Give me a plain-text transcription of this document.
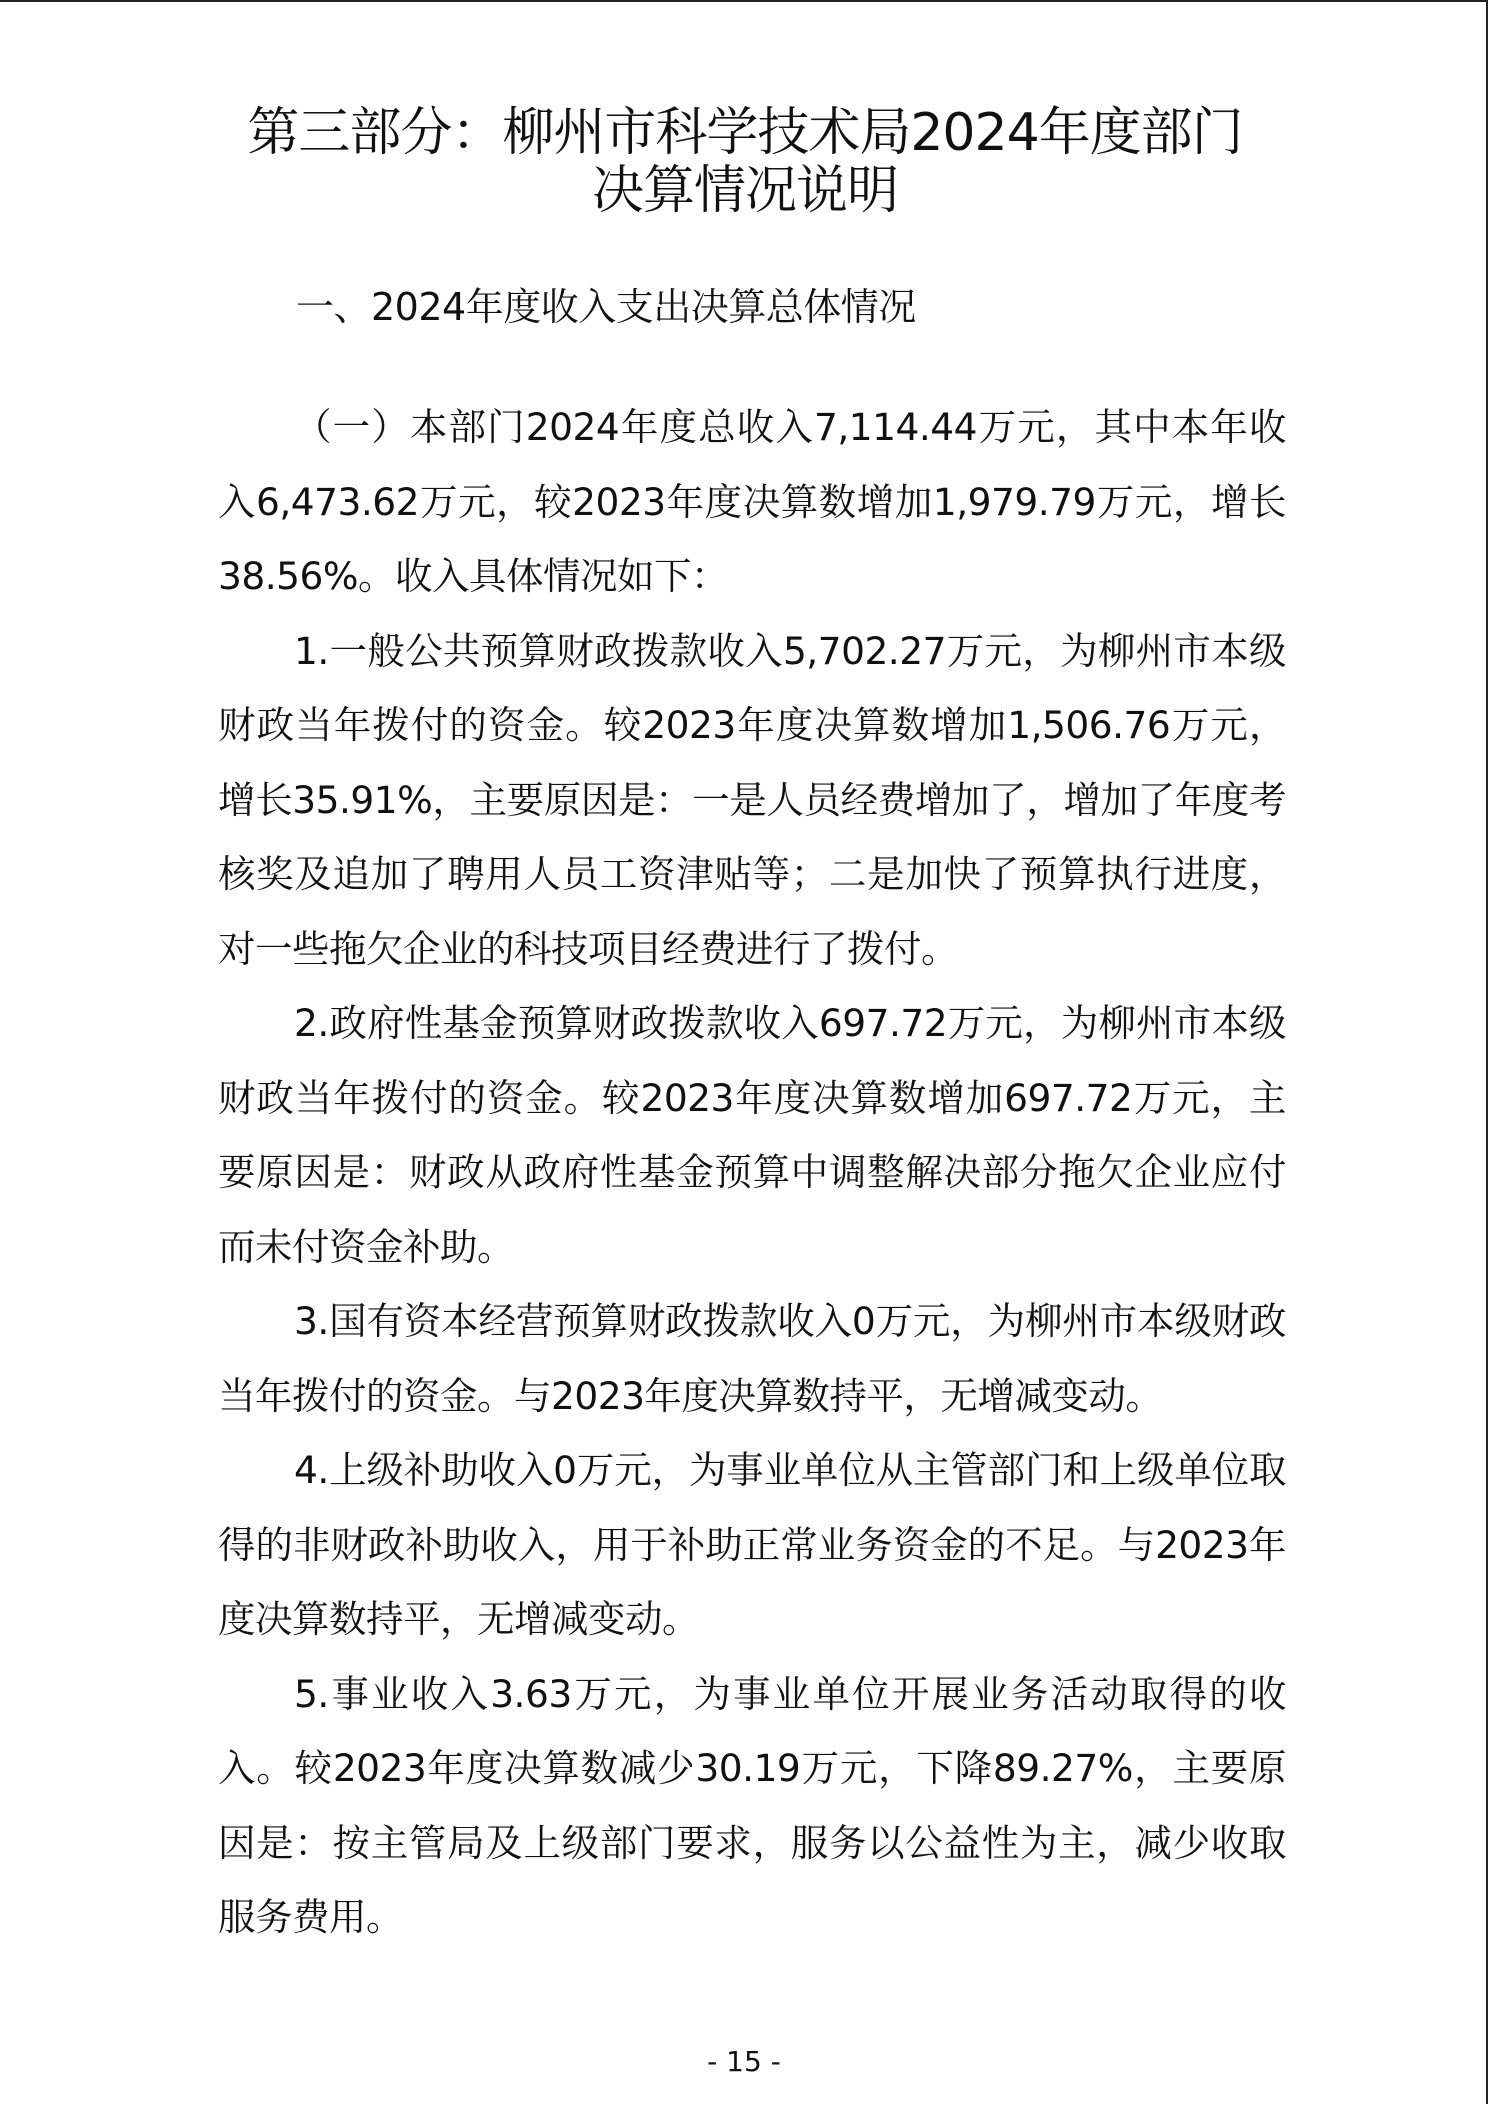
第三部分：柳州市科学技术局2024年度部门
决算情况说明
一、2024年度收入支出决算总体情况

（一）本部门2024年度总收入7,114.44万元，其中本年收入6,473.62万元，较2023年度决算数增加1,979.79万元，增长38.56%。收入具体情况如下：

1.一般公共预算财政拨款收入5,702.27万元，为柳州市本级财政当年拨付的资金。较2023年度决算数增加1,506.76万元，增长35.91%，主要原因是：一是人员经费增加了，增加了年度考核奖及追加了聘用人员工资津贴等；二是加快了预算执行进度，对一些拖欠企业的科技项目经费进行了拨付。

2.政府性基金预算财政拨款收入697.72万元，为柳州市本级财政当年拨付的资金。较2023年度决算数增加697.72万元，主要原因是：财政从政府性基金预算中调整解决部分拖欠企业应付而未付资金补助。

3.国有资本经营预算财政拨款收入0万元，为柳州市本级财政当年拨付的资金。与2023年度决算数持平，无增减变动。

4.上级补助收入0万元，为事业单位从主管部门和上级单位取得的非财政补助收入，用于补助正常业务资金的不足。与2023年度决算数持平，无增减变动。

5.事业收入3.63万元，为事业单位开展业务活动取得的收入。较2023年度决算数减少30.19万元，下降89.27%，主要原因是：按主管局及上级部门要求，服务以公益性为主，减少收取服务费用。

- 15 -
